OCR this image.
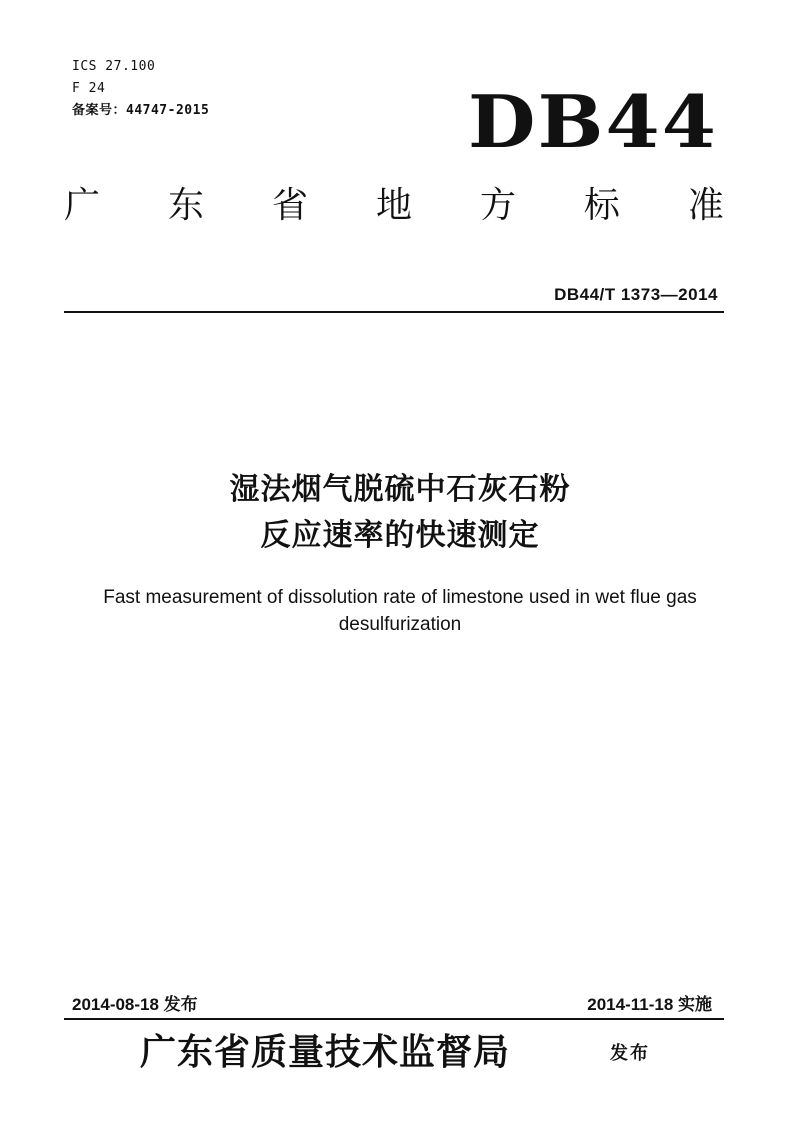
ICS 27.100
F 24
备案号：44747-2015	DB44
广 东 省 地 方 标 准
DB44/T 1373—2014
湿法烟气脱硫中石灰石粉
反应速率的快速测定
Fast measurement of dissolution rate of limestone used in wet flue gas
desulfurization
2014-08-18 发布	2014-11-18 实施
广东省质量技术监督局	发布
